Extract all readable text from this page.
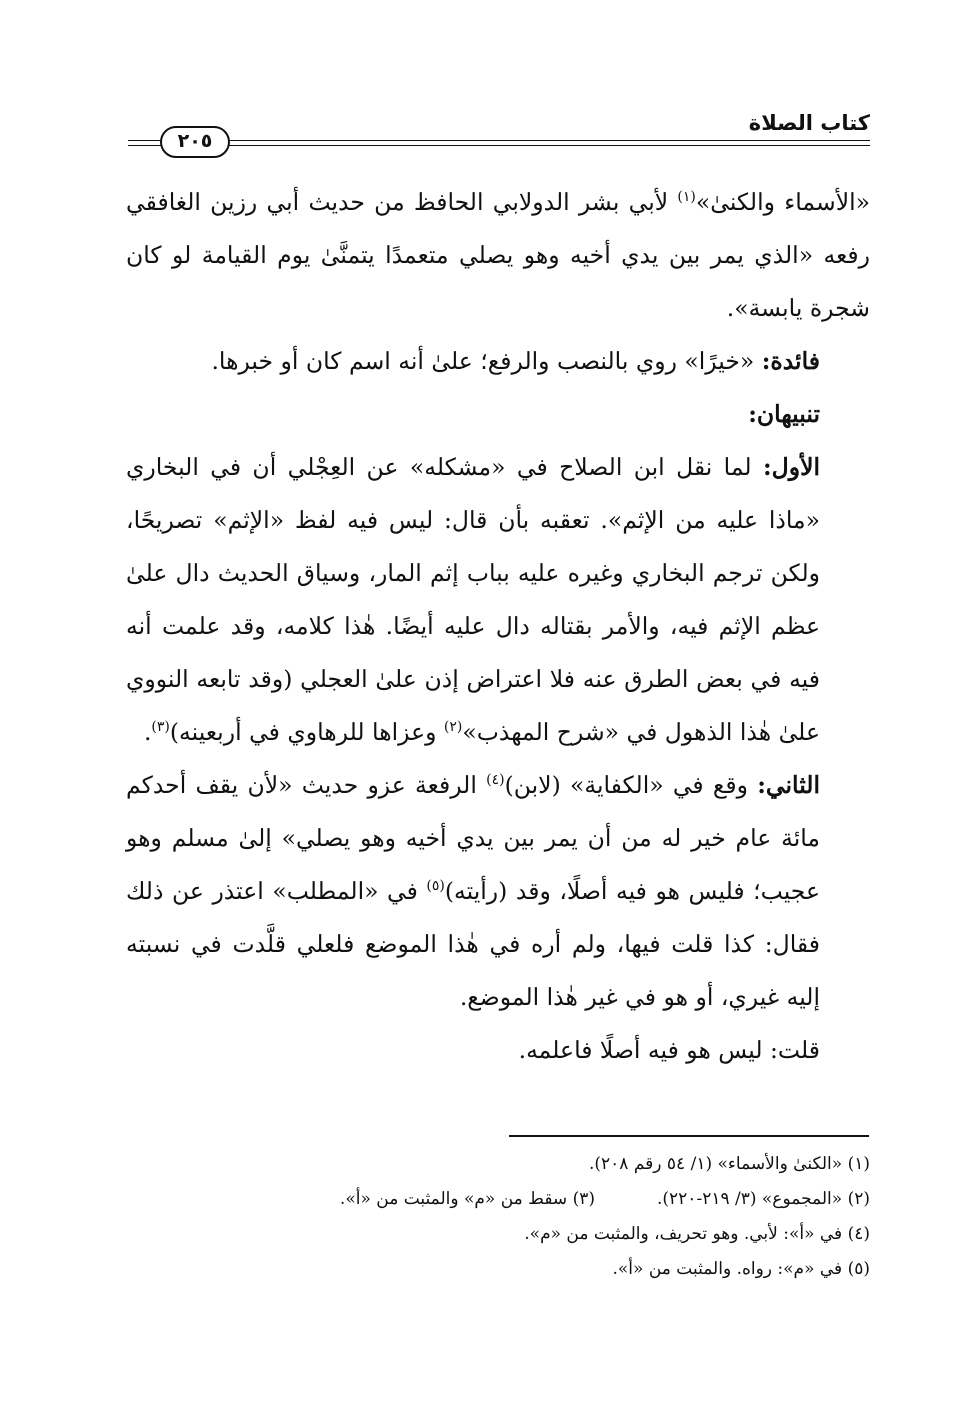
كتاب الصلاة
٢٠٥

«الأسماء والكنىٰ»$^{(١)}$ لأبي بشر الدولابي الحافظ من حديث أبي رزين الغافقي رفعه «الذي يمر بين يدي أخيه وهو يصلي متعمدًا يتمنَّىٰ يوم القيامة لو كان شجرة يابسة».

فائدة: «خيرًا» روي بالنصب والرفع؛ علىٰ أنه اسم كان أو خبرها.

تنبيهان:

الأول: لما نقل ابن الصلاح في «مشكله» عن العِجْلي أن في البخاري «ماذا عليه من الإثم». تعقبه بأن قال: ليس فيه لفظ «الإثم» تصريحًا، ولكن ترجم البخاري وغيره عليه بباب إثم المار، وسياق الحديث دال علىٰ عظم الإثم فيه، والأمر بقتاله دال عليه أيضًا. هٰذا كلامه، وقد علمت أنه فيه في بعض الطرق عنه فلا اعتراض إذن علىٰ العجلي (وقد تابعه النووي علىٰ هٰذا الذهول في «شرح المهذب»$^{(٢)}$ وعزاها للرهاوي في أربعينه)$^{(٣)}$.

الثاني: وقع في «الكفاية» (لابن)$^{(٤)}$ الرفعة عزو حديث «لأن يقف أحدكم مائة عام خير له من أن يمر بين يدي أخيه وهو يصلي» إلىٰ مسلم وهو عجيب؛ فليس هو فيه أصلًا، وقد (رأيته)$^{(٥)}$ في «المطلب» اعتذر عن ذلك فقال: كذا قلت فيها، ولم أره في هٰذا الموضع فلعلي قلَّدت في نسبته إليه غيري، أو هو في غير هٰذا الموضع.

قلت: ليس هو فيه أصلًا فاعلمه.

(١) «الكنىٰ والأسماء» (١/ ٥٤ رقم ٢٠٨).
(٢) «المجموع» (٣/ ٢١٩-٢٢٠).(٣) سقط من «م» والمثبت من «أ».
(٤) في «أ»: لأبي. وهو تحريف، والمثبت من «م».
(٥) في «م»: رواه. والمثبت من «أ».
